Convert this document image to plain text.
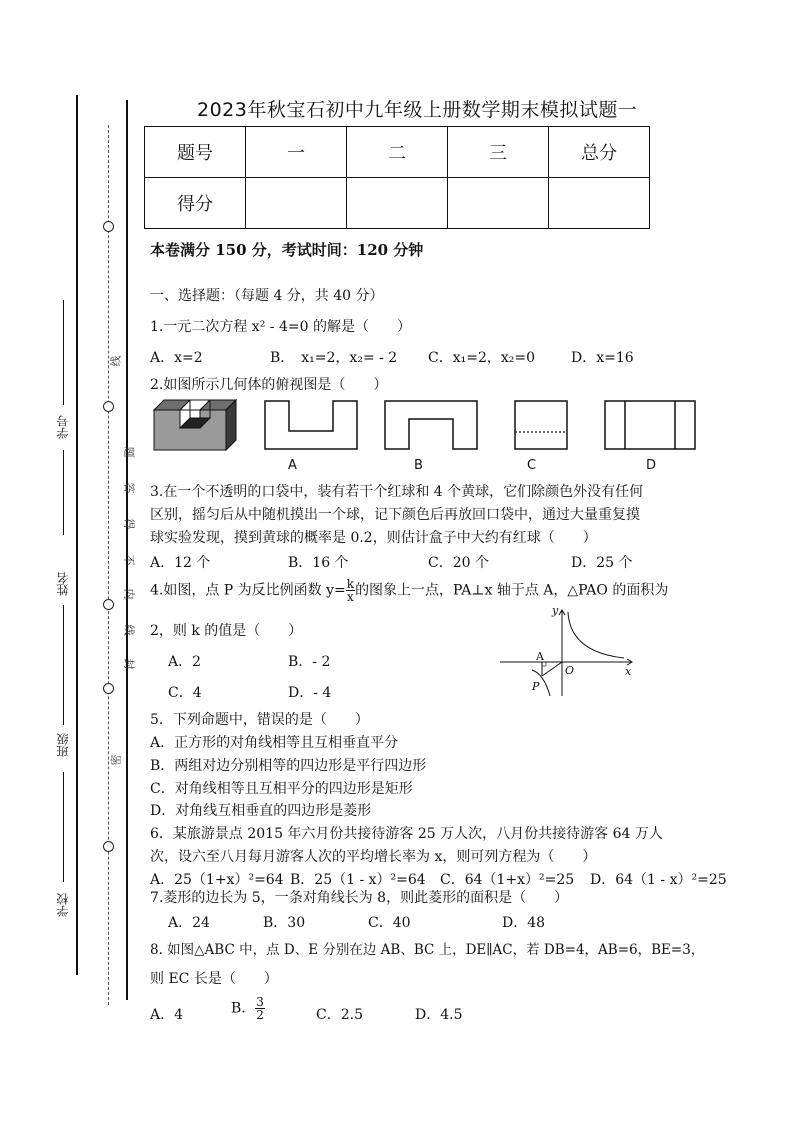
学号
姓名
班级
学校
线
题
答
得
不
内
线
封
密
2023年秋宝石初中九年级上册数学期末模拟试题一
题号	一	二	三	总分
得分				
本卷满分 150 分，考试时间：120 分钟
一、选择题：（每题 4 分，共 40 分）
1.一元二次方程 x² - 4=0 的解是（　　）
A．x=2	B．　x₁=2，x₂= - 2 C．x₁=2，x₂=0	D．x=16
2.如图所示几何体的俯视图是（　　）
A	B	C	D
3.在一个不透明的口袋中，装有若干个红球和 4 个黄球，它们除颜色外没有任何
区别，摇匀后从中随机摸出一个球，记下颜色后再放回口袋中，通过大量重复摸
球实验发现，摸到黄球的概率是 0.2，则估计盒子中大约有红球（　　）
A．12 个	B．16 个	C．20 个	D．25 个
4.如图，点 P 为反比例函数 $y= \frac{k}{x}$ 的图象上一点，PA⊥x 轴于点 A，△PAO 的面积为
2，则 k 的值是（　　）
A．2	B．- 2
C．4	D．- 4
y
x
A
O
P
5．下列命题中，错误的是（　　）
A．正方形的对角线相等且互相垂直平分
B．两组对边分别相等的四边形是平行四边形
C．对角线相等且互相平分的四边形是矩形
D．对角线互相垂直的四边形是菱形
6．某旅游景点 2015 年六月份共接待游客 25 万人次，八月份共接待游客 64 万人
次，设六至八月每月游客人次的平均增长率为 x，则可列方程为（　　）
A．25（1+x）²=64 B．25（1 - x）²=64 C．64（1+x）²=25 D．64（1 - x）²=25
7.菱形的边长为 5，一条对角线长为 8，则此菱形的面积是（　　）
A．24	B．30	C．40	D．48
8. 如图△ABC 中，点 D、E 分别在边 AB、BC 上，DE∥AC，若 DB=4，AB=6，BE=3，
则 EC 长是（　　）
A．4	B． $\frac{3}{2}$	C．2.5	D．4.5
